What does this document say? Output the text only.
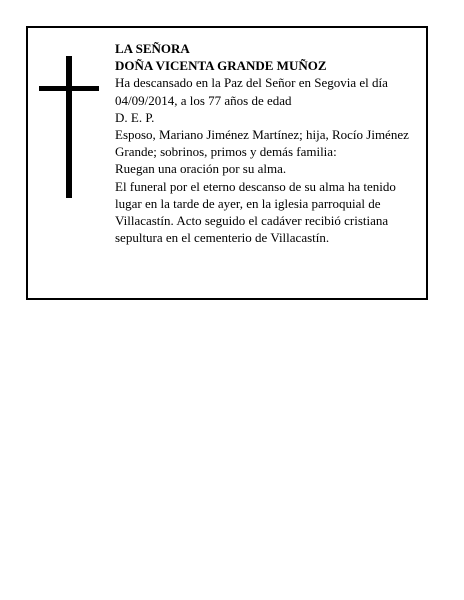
LA SEÑORA
DOÑA VICENTA GRANDE MUÑOZ
Ha descansado en la Paz del Señor en Segovia el día 04/09/2014, a los 77 años de edad
D. E. P.
Esposo, Mariano Jiménez Martínez; hija, Rocío Jiménez Grande; sobrinos, primos y demás familia:
Ruegan una oración por su alma.
El funeral por el eterno descanso de su alma ha tenido lugar en la tarde de ayer, en la iglesia parroquial de Villacastín. Acto seguido el cadáver recibió cristiana sepultura en el cementerio de Villacastín.
